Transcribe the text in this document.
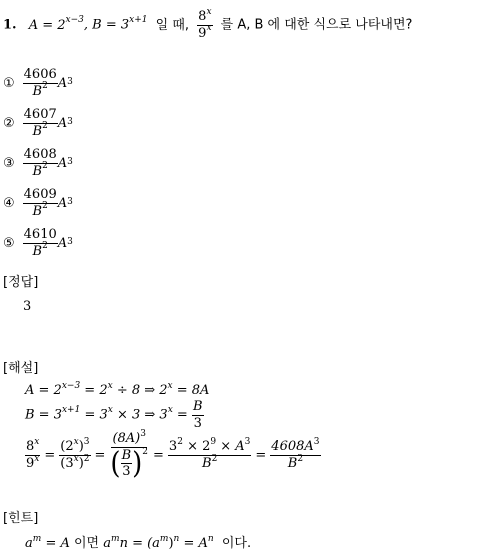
1. $A = 2^{x-3}$, $B = 3^{x+1}$ 일 때, $\frac{8^x}{9^x}$ 를 A, B 에 대한 식으로 나타내면?
① $\frac{4606}{B^2} A^3$
② $\frac{4607}{B^2} A^3$
③ $\frac{4608}{B^2} A^3$
④ $\frac{4609}{B^2} A^3$
⑤ $\frac{4610}{B^2} A^3$
[정답]
3
[해설]
$A = 2^{x-3} = 2^x \div 8$ ⇒ $2^x = 8A$
$B = 3^{x+1} = 3^x \times 3$ ⇒ $3^x = \frac{B}{3}$
$\frac{8^x}{9^x} = \frac{(2^x)^3}{(3^x)^2} = \frac{(8A)^3}{( \frac{B}{3} )^2} = \frac{3^2 \times 2^9 \times A^3}{B^2} = \frac{4608A^3}{B^2}$
[힌트]
$a^m = A$ 이면 $a^mn = (a^m)^n = A^n$ 이다.
